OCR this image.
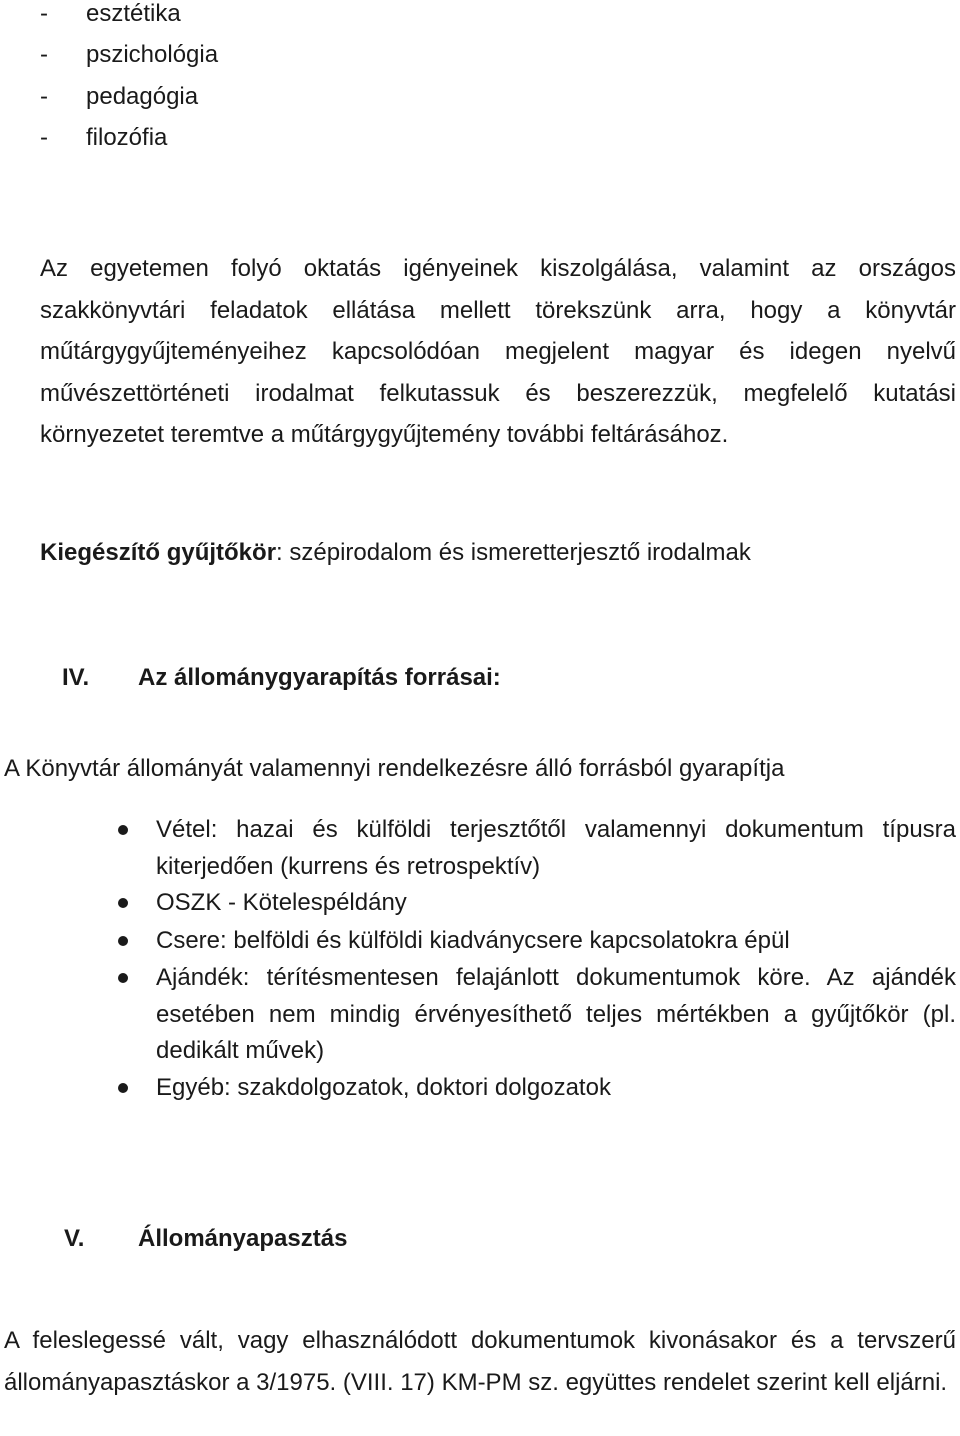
-	esztétika
-	pszichológia
-	pedagógia
-	filozófia
Az egyetemen folyó oktatás igényeinek kiszolgálása, valamint az országos szakkönyvtári feladatok ellátása mellett törekszünk arra, hogy a könyvtár műtárgygyűjteményeihez kapcsolódóan megjelent magyar és idegen nyelvű művészettörténeti irodalmat felkutassuk és beszerezzük, megfelelő kutatási környezetet teremtve a műtárgygyűjtemény további feltárásához.
Kiegészítő gyűjtőkör: szépirodalom és ismeretterjesztő irodalmak
IV. Az állománygyarapítás forrásai:
A Könyvtár állományát valamennyi rendelkezésre álló forrásból gyarapítja
Vétel: hazai és külföldi terjesztőtől valamennyi dokumentum típusra kiterjedően (kurrens és retrospektív)
OSZK - Kötelespéldány
Csere: belföldi és külföldi kiadványcsere kapcsolatokra épül
Ajándék: térítésmentesen felajánlott dokumentumok köre. Az ajándék esetében nem mindig érvényesíthető teljes mértékben a gyűjtőkör (pl. dedikált művek)
Egyéb: szakdolgozatok, doktori dolgozatok
V. Állományapasztás
A feleslegessé vált, vagy elhasználódott dokumentumok kivonásakor és a tervszerű állományapasztáskor a 3/1975. (VIII. 17) KM-PM sz. együttes rendelet szerint kell eljárni.
